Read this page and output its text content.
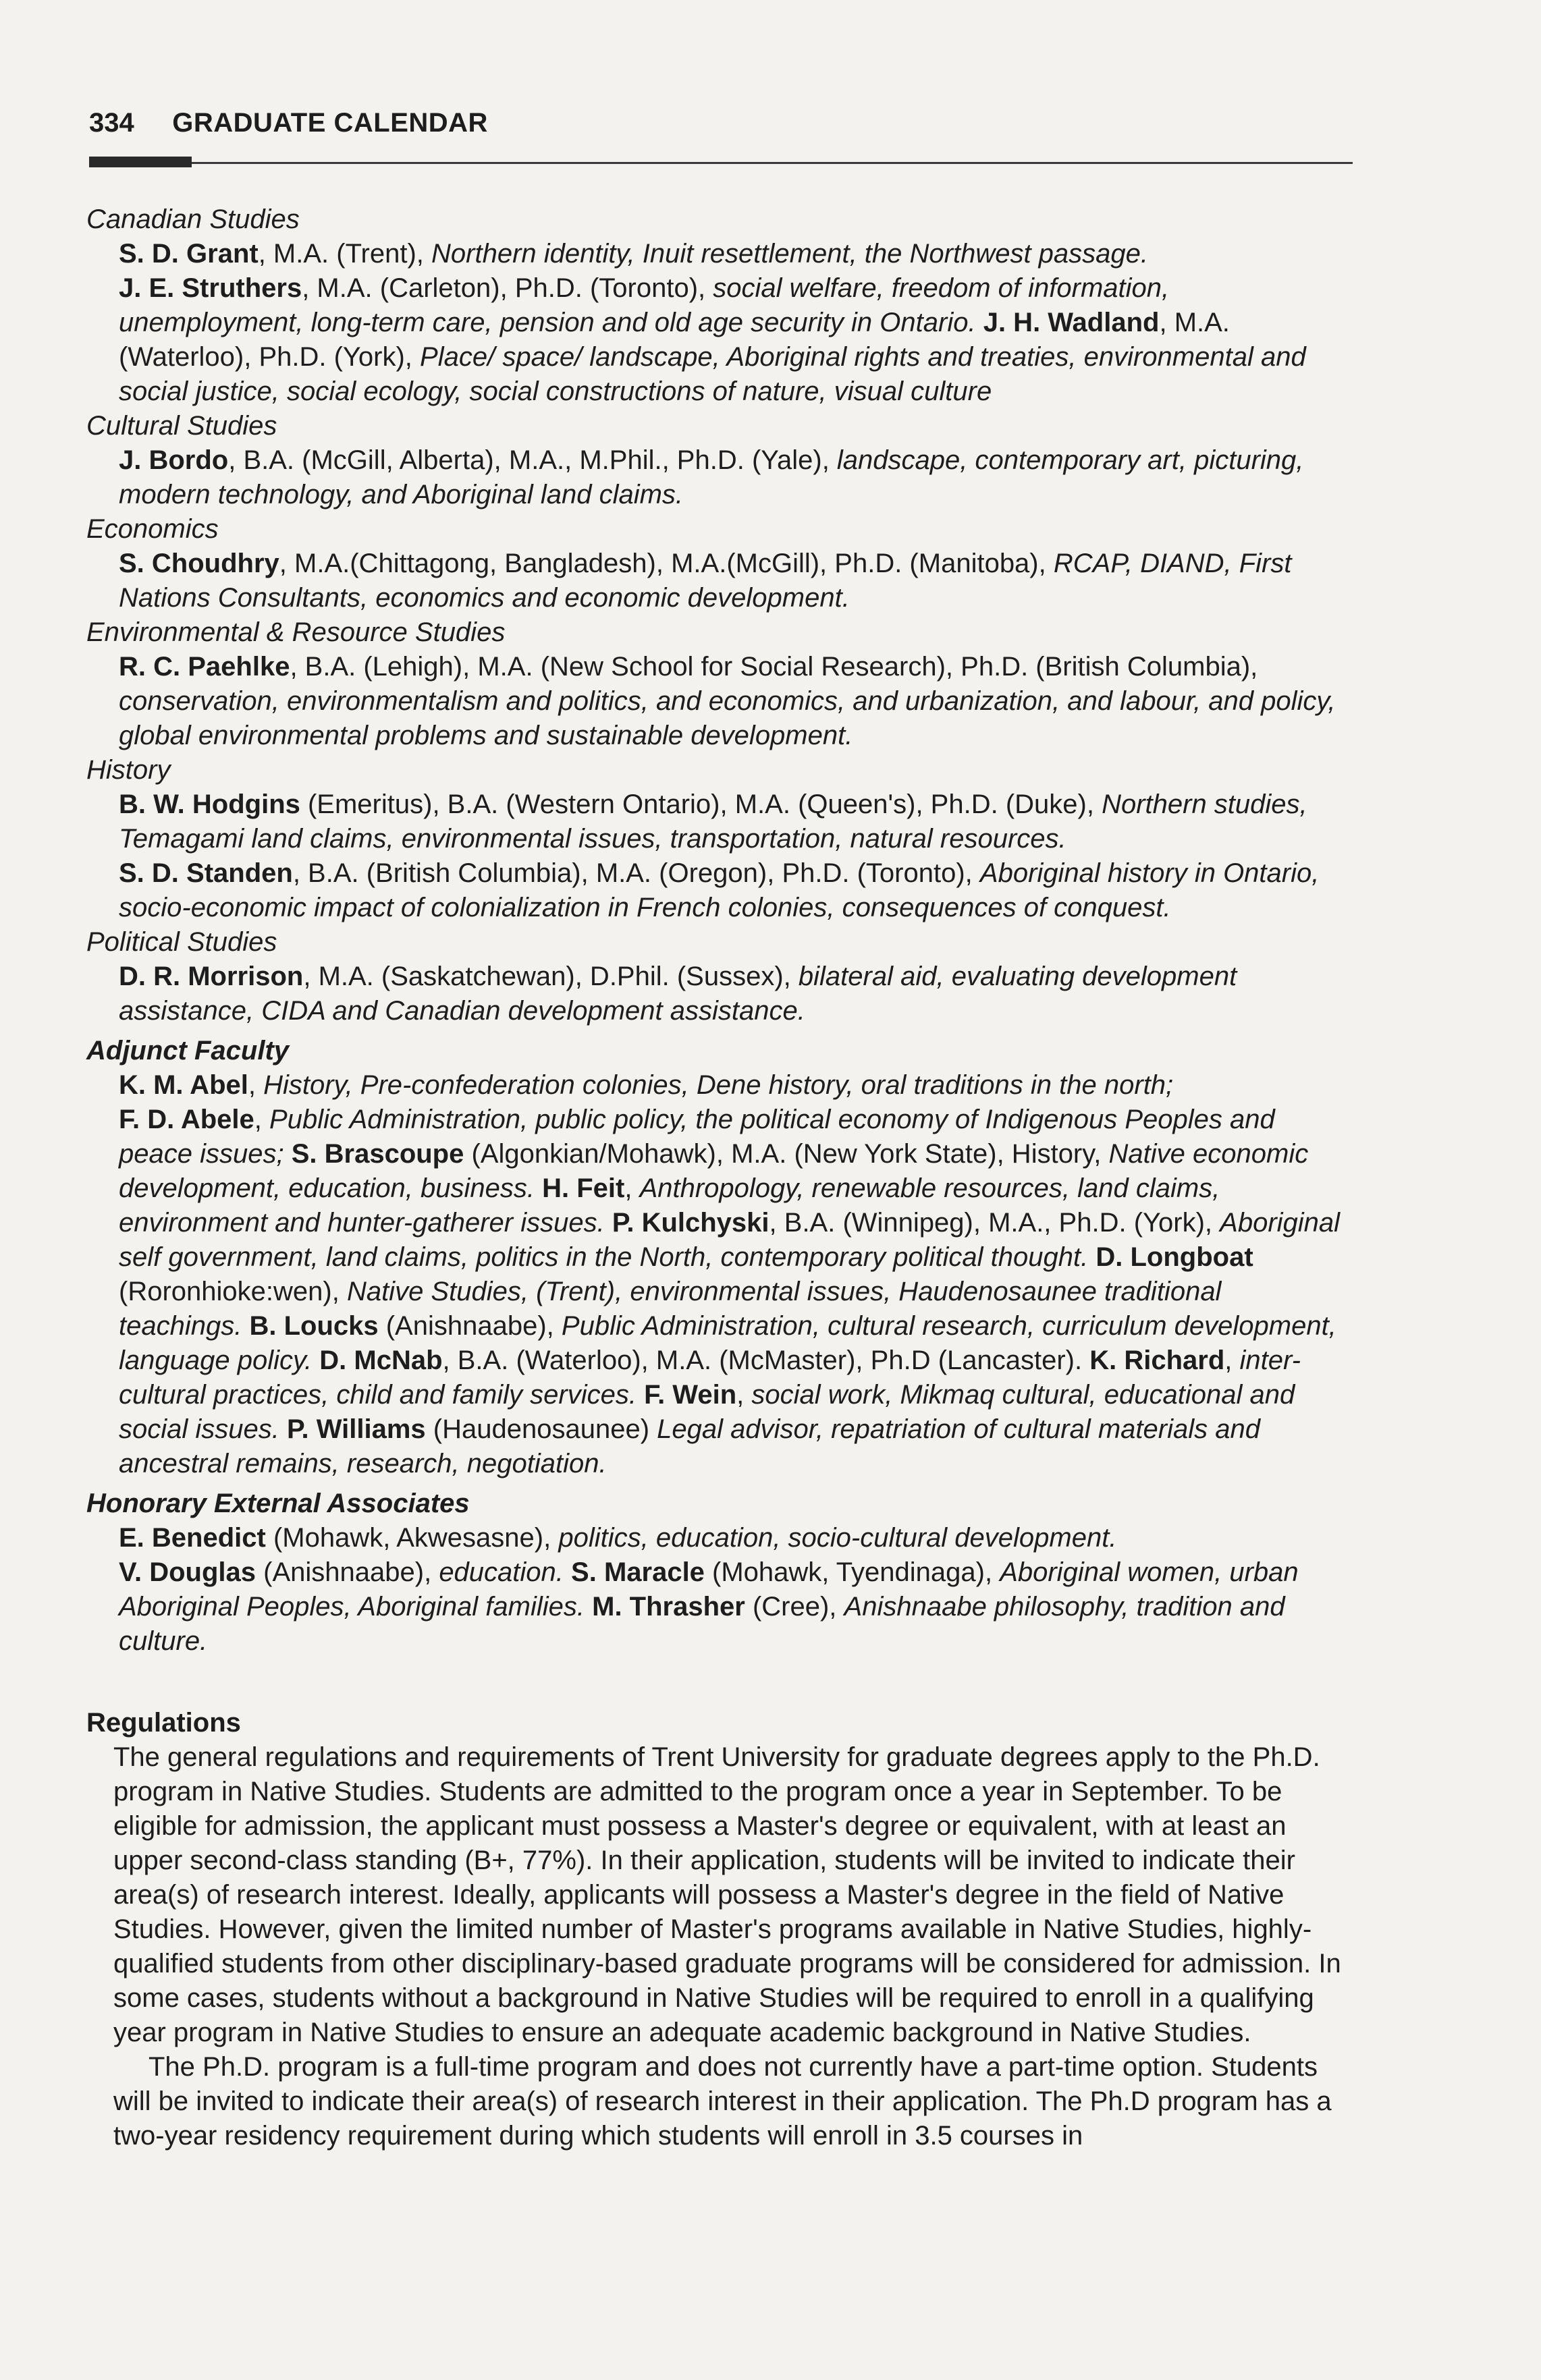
334 GRADUATE CALENDAR

Canadian Studies

S. D. Grant, M.A. (Trent), Northern identity, Inuit resettlement, the Northwest passage.

J. E. Struthers, M.A. (Carleton), Ph.D. (Toronto), social welfare, freedom of information, unemployment, long-term care, pension and old age security in Ontario. J. H. Wadland, M.A. (Waterloo), Ph.D. (York), Place/ space/ landscape, Aboriginal rights and treaties, environmental and social justice, social ecology, social constructions of nature, visual culture

Cultural Studies

J. Bordo, B.A. (McGill, Alberta), M.A., M.Phil., Ph.D. (Yale), landscape, contemporary art, picturing, modern technology, and Aboriginal land claims.

Economics

S. Choudhry, M.A.(Chittagong, Bangladesh), M.A.(McGill), Ph.D. (Manitoba), RCAP, DIAND, First Nations Consultants, economics and economic development.

Environmental & Resource Studies

R. C. Paehlke, B.A. (Lehigh), M.A. (New School for Social Research), Ph.D. (British Columbia), conservation, environmentalism and politics, and economics, and urbanization, and labour, and policy, global environmental problems and sustainable development.

History

B. W. Hodgins (Emeritus), B.A. (Western Ontario), M.A. (Queen's), Ph.D. (Duke), Northern studies, Temagami land claims, environmental issues, transportation, natural resources.

S. D. Standen, B.A. (British Columbia), M.A. (Oregon), Ph.D. (Toronto), Aboriginal history in Ontario, socio-economic impact of colonialization in French colonies, consequences of conquest.

Political Studies

D. R. Morrison, M.A. (Saskatchewan), D.Phil. (Sussex), bilateral aid, evaluating development assistance, CIDA and Canadian development assistance.

Adjunct Faculty

K. M. Abel, History, Pre-confederation colonies, Dene history, oral traditions in the north;

F. D. Abele, Public Administration, public policy, the political economy of Indigenous Peoples and peace issues; S. Brascoupe (Algonkian/Mohawk), M.A. (New York State), History, Native economic development, education, business. H. Feit, Anthropology, renewable resources, land claims, environment and hunter-gatherer issues. P. Kulchyski, B.A. (Winnipeg), M.A., Ph.D. (York), Aboriginal self government, land claims, politics in the North, contemporary political thought. D. Longboat (Roronhioke:wen), Native Studies, (Trent), environmental issues, Haudenosaunee traditional teachings. B. Loucks (Anishnaabe), Public Administration, cultural research, curriculum development, language policy. D. McNab, B.A. (Waterloo), M.A. (McMaster), Ph.D (Lancaster). K. Richard, inter-cultural practices, child and family services. F. Wein, social work, Mikmaq cultural, educational and social issues. P. Williams (Haudenosaunee) Legal advisor, repatriation of cultural materials and ancestral remains, research, negotiation.

Honorary External Associates

E. Benedict (Mohawk, Akwesasne), politics, education, socio-cultural development.

V. Douglas (Anishnaabe), education. S. Maracle (Mohawk, Tyendinaga), Aboriginal women, urban Aboriginal Peoples, Aboriginal families. M. Thrasher (Cree), Anishnaabe philosophy, tradition and culture.

Regulations

The general regulations and requirements of Trent University for graduate degrees apply to the Ph.D. program in Native Studies. Students are admitted to the program once a year in September. To be eligible for admission, the applicant must possess a Master's degree or equivalent, with at least an upper second-class standing (B+, 77%). In their application, students will be invited to indicate their area(s) of research interest. Ideally, applicants will possess a Master's degree in the field of Native Studies. However, given the limited number of Master's programs available in Native Studies, highly-qualified students from other disciplinary-based graduate programs will be considered for admission. In some cases, students without a background in Native Studies will be required to enroll in a qualifying year program in Native Studies to ensure an adequate academic background in Native Studies.

The Ph.D. program is a full-time program and does not currently have a part-time option. Students will be invited to indicate their area(s) of research interest in their application. The Ph.D program has a two-year residency requirement during which students will enroll in 3.5 courses in
